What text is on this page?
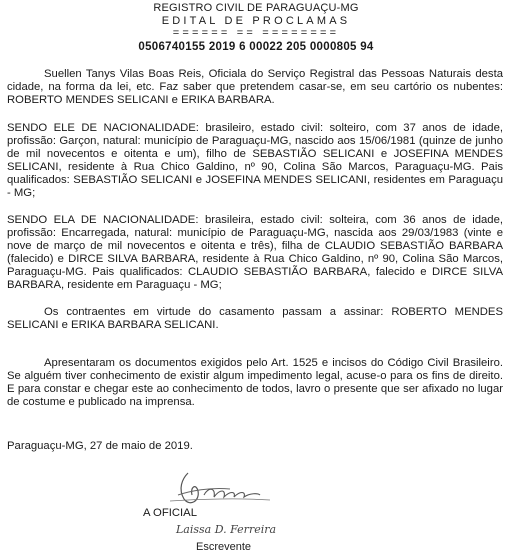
REGISTRO CIVIL DE PARAGUAÇU-MG
EDITAL DE PROCLAMAS
====== == ========
0506740155 2019 6 00022 205 0000805 94
Suellen Tanys Vilas Boas Reis, Oficiala do Serviço Registral das Pessoas Naturais desta cidade, na forma da lei, etc. Faz saber que pretendem casar-se, em seu cartório os nubentes: ROBERTO MENDES SELICANI e ERIKA BARBARA.
SENDO ELE DE NACIONALIDADE: brasileiro, estado civil: solteiro, com 37 anos de idade, profissão: Garçon, natural: município de Paraguaçu-MG, nascido aos 15/06/1981 (quinze de junho de mil novecentos e oitenta e um), filho de SEBASTIÃO SELICANI e JOSEFINA MENDES SELICANI, residente à Rua Chico Galdino, nº 90, Colina São Marcos, Paraguaçu-MG. Pais qualificados: SEBASTIÃO SELICANI e JOSEFINA MENDES SELICANI, residentes em Paraguaçu - MG;
SENDO ELA DE NACIONALIDADE: brasileira, estado civil: solteira, com 36 anos de idade, profissão: Encarregada, natural: município de Paraguaçu-MG, nascida aos 29/03/1983 (vinte e nove de março de mil novecentos e oitenta e três), filha de CLAUDIO SEBASTIÃO BARBARA (falecido) e DIRCE SILVA BARBARA, residente à Rua Chico Galdino, nº 90, Colina São Marcos, Paraguaçu-MG. Pais qualificados: CLAUDIO SEBASTIÃO BARBARA, falecido e DIRCE SILVA BARBARA, residente em Paraguaçu - MG;
Os contraentes em virtude do casamento passam a assinar: ROBERTO MENDES SELICANI e ERIKA BARBARA SELICANI.
Apresentaram os documentos exigidos pelo Art. 1525 e incisos do Código Civil Brasileiro. Se alguém tiver conhecimento de existir algum impedimento legal, acuse-o para os fins de direito. E para constar e chegar este ao conhecimento de todos, lavro o presente que ser afixado no lugar de costume e publicado na imprensa.
Paraguaçu-MG, 27 de maio de 2019.
A OFICIAL
Laissa D. Ferreira
Escrevente
